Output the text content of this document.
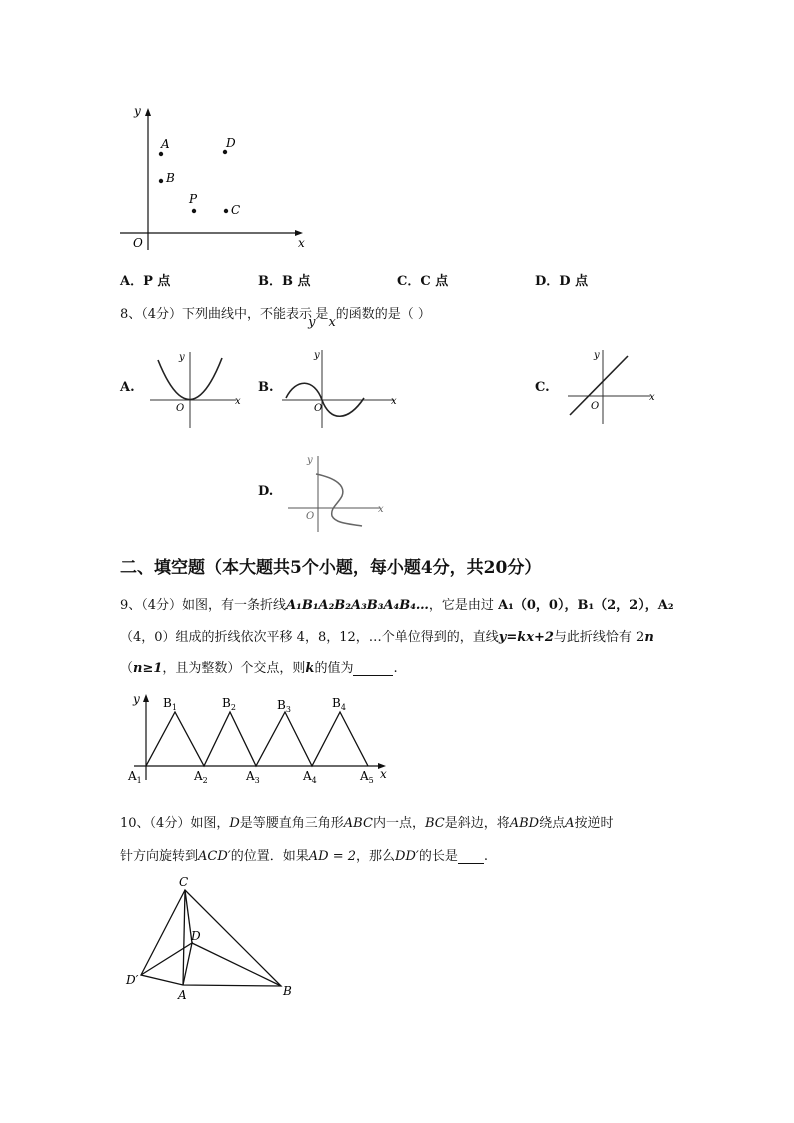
y
x
O
A
B
P
D
C
A．P 点	B．B 点	C．C 点	D．D 点
8、（4分）下列曲线中，不能表示y是x的函数的是（ ）
A.	B.	C.
D.
y
x
O
y
x
O
y
x
O
y
x
O
二、填空题（本大题共5个小题，每小题4分，共20分）
9、（4分）如图，有一条折线A₁B₁A₂B₂A₃B₃A₄B₄…，它是由过 A₁（0，0），B₁（2，2），A₂
（4，0）组成的折线依次平移 4，8，12，…个单位得到的，直线y=kx+2与此折线恰有 2n
（n≥1，且为整数）个交点，则k的值为	.
y
x
$B_1$	$B_2$	$B_3$	$B_4$
$A_1$	$A_2$	$A_3$	$A_4$	$A_5$
10、（4分）如图，D是等腰直角三角形ABC内一点，BC是斜边，将ABD绕点A按逆时
针方向旋转到ACD′的位置．如果AD = 2，那么DD′的长是 .
C
D
D′
A	B
